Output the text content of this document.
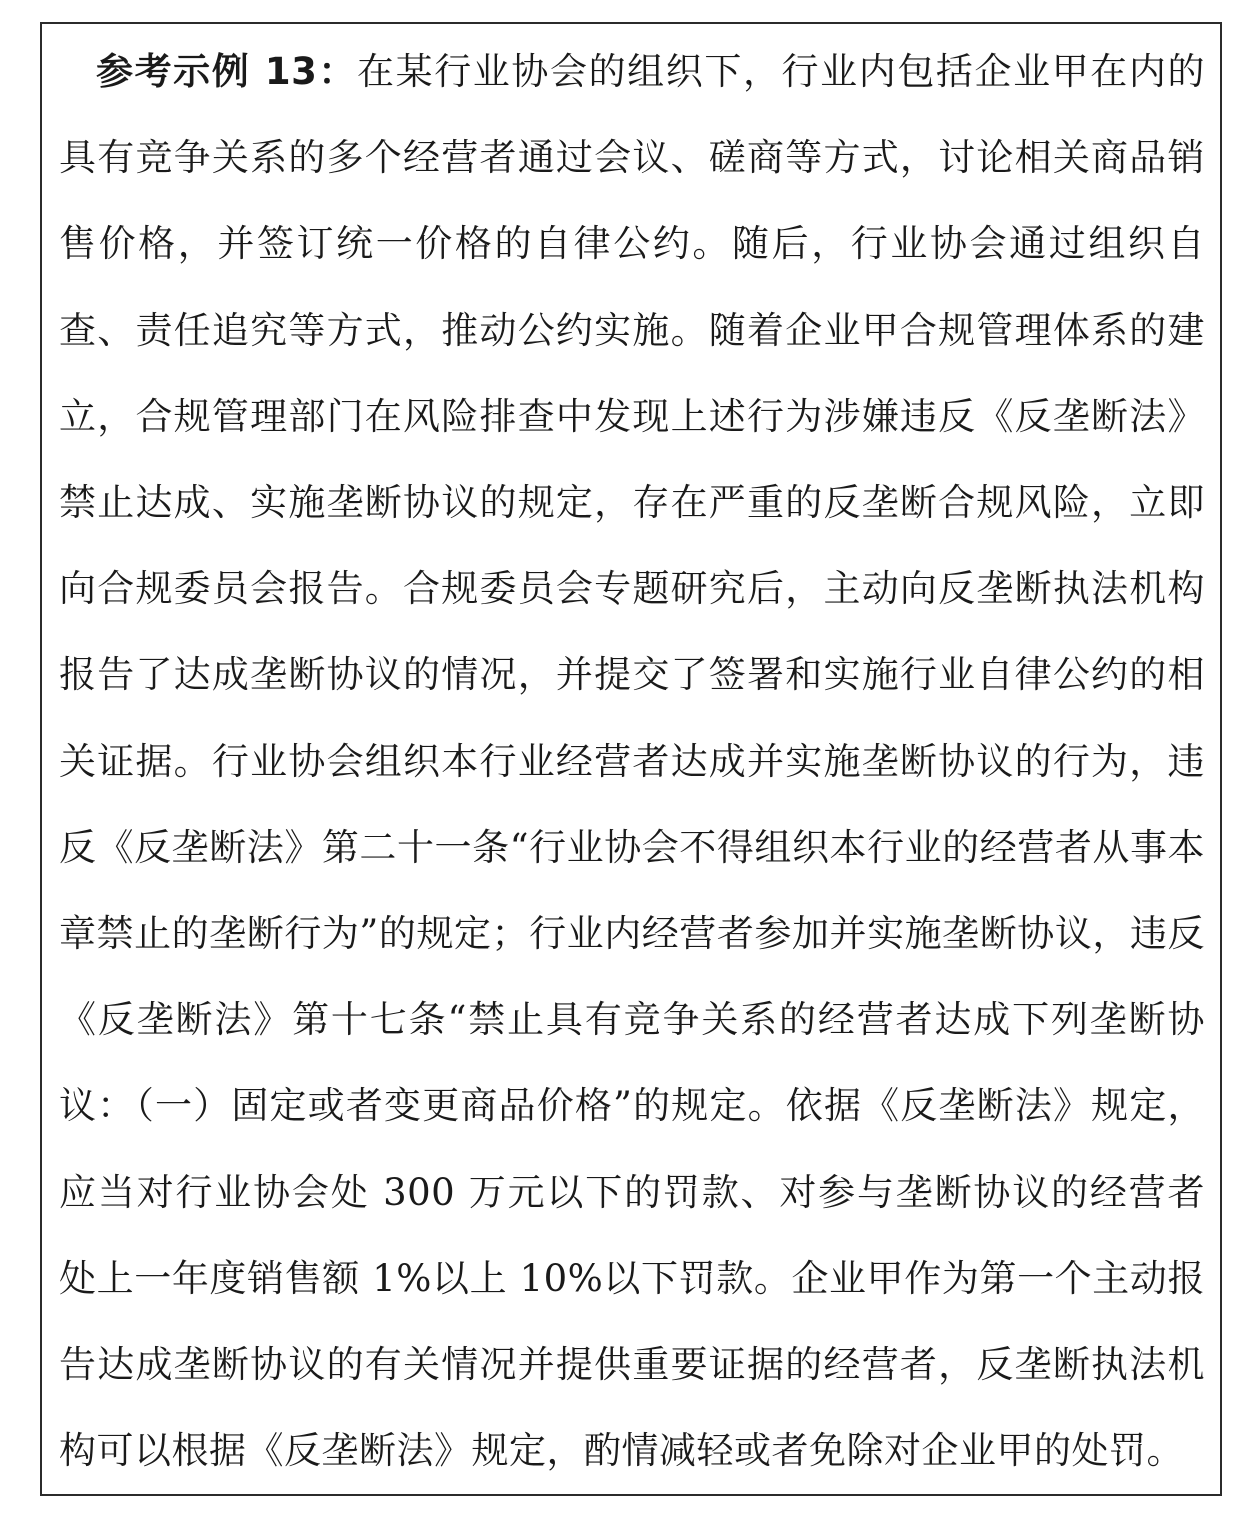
参考示例 13：在某行业协会的组织下，行业内包括企业甲在内的具有竞争关系的多个经营者通过会议、磋商等方式，讨论相关商品销售价格，并签订统一价格的自律公约。随后，行业协会通过组织自查、责任追究等方式，推动公约实施。随着企业甲合规管理体系的建立，合规管理部门在风险排查中发现上述行为涉嫌违反《反垄断法》禁止达成、实施垄断协议的规定，存在严重的反垄断合规风险，立即向合规委员会报告。合规委员会专题研究后，主动向反垄断执法机构报告了达成垄断协议的情况，并提交了签署和实施行业自律公约的相关证据。行业协会组织本行业经营者达成并实施垄断协议的行为，违反《反垄断法》第二十一条“行业协会不得组织本行业的经营者从事本章禁止的垄断行为”的规定；行业内经营者参加并实施垄断协议，违反《反垄断法》第十七条“禁止具有竞争关系的经营者达成下列垄断协议：（一）固定或者变更商品价格”的规定。依据《反垄断法》规定，应当对行业协会处 300 万元以下的罚款、对参与垄断协议的经营者处上一年度销售额 1%以上 10%以下罚款。企业甲作为第一个主动报告达成垄断协议的有关情况并提供重要证据的经营者，反垄断执法机构可以根据《反垄断法》规定，酌情减轻或者免除对企业甲的处罚。
